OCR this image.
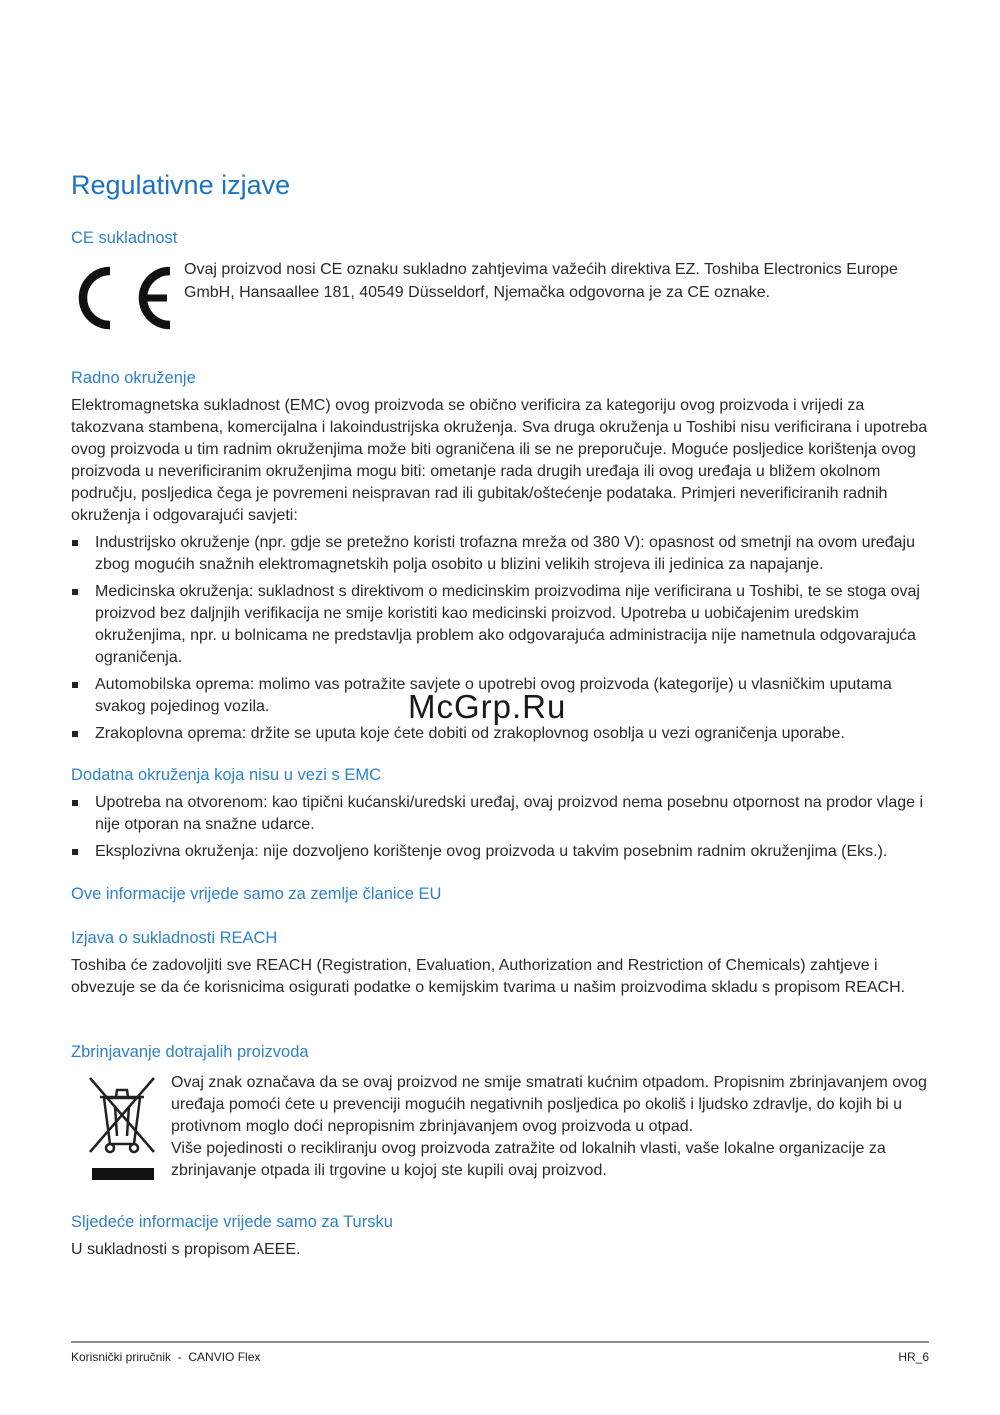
Regulativne izjave
CE sukladnost

Ovaj proizvod nosi CE oznaku sukladno zahtjevima važećih direktiva EZ. Toshiba Electronics Europe GmbH, Hansaallee 181, 40549 Düsseldorf, Njemačka odgovorna je za CE oznake.

Radno okruženje

Elektromagnetska sukladnost (EMC) ovog proizvoda se obično verificira za kategoriju ovog proizvoda i vrijedi za takozvana stambena, komercijalna i lakoindustrijska okruženja. Sva druga okruženja u Toshibi nisu verificirana i upotreba ovog proizvoda u tim radnim okruženjima može biti ograničena ili se ne preporučuje. Moguće posljedice korištenja ovog proizvoda u neverificiranim okruženjima mogu biti: ometanje rada drugih uređaja ili ovog uređaja u bližem okolnom području, posljedica čega je povremeni neispravan rad ili gubitak/oštećenje podataka. Primjeri neverificiranih radnih okruženja i odgovarajući savjeti:

Industrijsko okruženje (npr. gdje se pretežno koristi trofazna mreža od 380 V): opasnost od smetnji na ovom uređaju zbog mogućih snažnih elektromagnetskih polja osobito u blizini velikih strojeva ili jedinica za napajanje.
Medicinska okruženja: sukladnost s direktivom o medicinskim proizvodima nije verificirana u Toshibi, te se stoga ovaj proizvod bez daljnjih verifikacija ne smije koristiti kao medicinski proizvod. Upotreba u uobičajenim uredskim okruženjima, npr. u bolnicama ne predstavlja problem ako odgovarajuća administracija nije nametnula odgovarajuća ograničenja.
Automobilska oprema: molimo vas potražite savjete o upotrebi ovog proizvoda (kategorije) u vlasničkim uputama svakog pojedinog vozila.
Zrakoplovna oprema: držite se uputa koje ćete dobiti od zrakoplovnog osoblja u vezi ograničenja uporabe.
Dodatna okruženja koja nisu u vezi s EMC
Upotreba na otvorenom: kao tipični kućanski/uredski uređaj, ovaj proizvod nema posebnu otpornost na prodor vlage i nije otporan na snažne udarce.
Eksplozivna okruženja: nije dozvoljeno korištenje ovog proizvoda u takvim posebnim radnim okruženjima (Eks.).
Ove informacije vrijede samo za zemlje članice EU
Izjava o sukladnosti REACH

Toshiba će zadovoljiti sve REACH (Registration, Evaluation, Authorization and Restriction of Chemicals) zahtjeve i obvezuje se da će korisnicima osigurati podatke o kemijskim tvarima u našim proizvodima skladu s propisom REACH.

Zbrinjavanje dotrajalih proizvoda

Ovaj znak označava da se ovaj proizvod ne smije smatrati kućnim otpadom. Propisnim zbrinjavanjem ovog uređaja pomoći ćete u prevenciji mogućih negativnih posljedica po okoliš i ljudsko zdravlje, do kojih bi u protivnom moglo doći nepropisnim zbrinjavanjem ovog proizvoda u otpad.

Više pojedinosti o recikliranju ovog proizvoda zatražite od lokalnih vlasti, vaše lokalne organizacije za zbrinjavanje otpada ili trgovine u kojoj ste kupili ovaj proizvod.

Sljedeće informacije vrijede samo za Tursku

U sukladnosti s propisom AEEE.

McGrp.Ru
Korisnički priručnik  -  CANVIO Flex	HR_6
